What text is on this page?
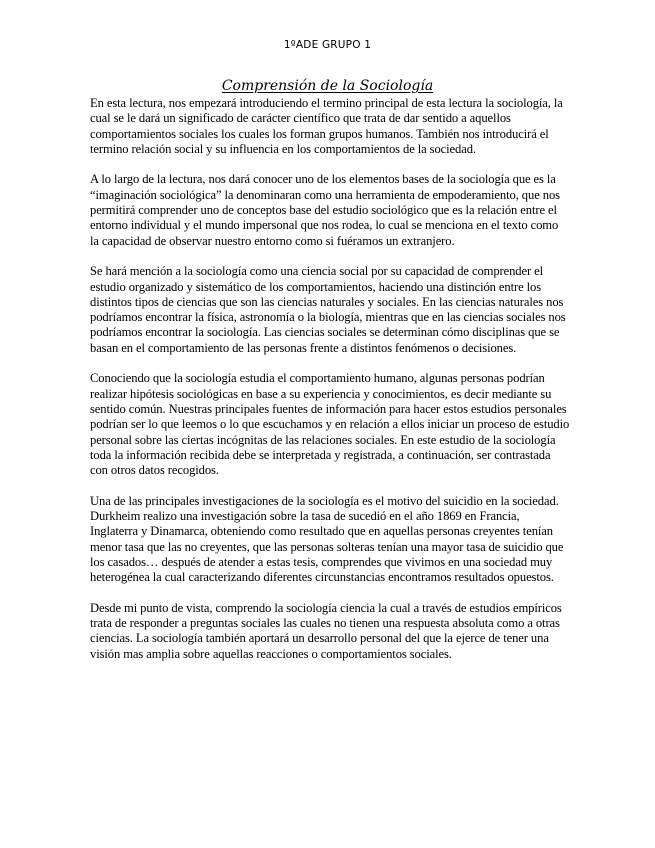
1ºADE GRUPO 1
Comprensión de la Sociología

En esta lectura, nos empezará introduciendo el termino principal de esta lectura la sociología, la cual se le dará un significado de carácter científico que trata de dar sentido a aquellos comportamientos sociales los cuales los forman grupos humanos. También nos introducirá el termino relación social y su influencia en los comportamientos de la sociedad.

A lo largo de la lectura, nos dará conocer uno de los elementos bases de la sociología que es la “imaginación sociológica” la denominaran como una herramienta de empoderamiento, que nos permitirá comprender uno de conceptos base del estudio sociológico que es la relación entre el entorno individual y el mundo impersonal que nos rodea, lo cual se menciona en el texto como la capacidad de observar nuestro entorno como si fuéramos un extranjero.

Se hará mención a la sociología como una ciencia social por su capacidad de comprender el estudio organizado y sistemático de los comportamientos, haciendo una distinción entre los distintos tipos de ciencias que son las ciencias naturales y sociales. En las ciencias naturales nos podríamos encontrar la física, astronomía o la biología, mientras que en las ciencias sociales nos podríamos encontrar la sociología. Las ciencias sociales se determinan cómo disciplinas que se basan en el comportamiento de las personas frente a distintos fenómenos o decisiones.

Conociendo que la sociología estudia el comportamiento humano, algunas personas podrían realizar hipótesis sociológicas en base a su experiencia y conocimientos, es decir mediante su sentido común. Nuestras principales fuentes de información para hacer estos estudios personales podrían ser lo que leemos o lo que escuchamos y en relación a ellos iniciar un proceso de estudio personal sobre las ciertas incógnitas de las relaciones sociales. En este estudio de la sociología toda la información recibida debe se interpretada y registrada, a continuación, ser contrastada con otros datos recogidos.

Una de las principales investigaciones de la sociología es el motivo del suicidio en la sociedad. Durkheim realizo una investigación sobre la tasa de sucedió en el año 1869 en Francia, Inglaterra y Dinamarca, obteniendo como resultado que en aquellas personas creyentes tenían menor tasa que las no creyentes, que las personas solteras tenían una mayor tasa de suicidio que los casados… después de atender a estas tesis, comprendes que vivimos en una sociedad muy heterogénea la cual caracterizando diferentes circunstancias encontramos resultados opuestos.

Desde mi punto de vista, comprendo la sociología ciencia la cual a través de estudios empíricos trata de responder a preguntas sociales las cuales no tienen una respuesta absoluta como a otras ciencias. La sociología también aportará un desarrollo personal del que la ejerce de tener una visión mas amplia sobre aquellas reacciones o comportamientos sociales.
